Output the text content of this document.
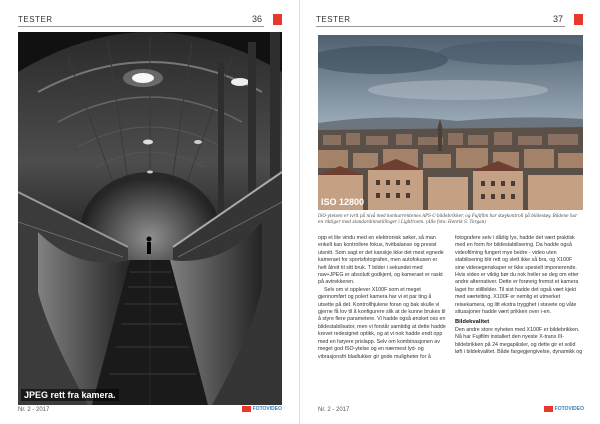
TESTER	36
JPEG rett fra kamera.
Nr. 2 - 2017	FOTOVIDEO
TESTER	37
ISO 12800
ISO-ytelsen er ivrit på nivå med konkurrentenes APS-C-bildebrikker, og Fujifilm har støykontroll på bildestøy. Bildene har en riktiger med standardinnstillinger i Lightroom. (Alle foto: Henrik S. Torgan)

opp et lite vindu med en elektronisk søker, så man enkelt kan kontrollere fokus, hvitbalanse og presist utsnitt. Som sagt er det kanskje ikke det mest egnede kameraet for sportsfotografen, men autofokusen er helt ålreit til sitt bruk. T bilder i sekundet med raw+JPEG er absolutt godkjent, og kameraet er raskt på avtrekkeren.

Selv om vi opplever X100F som et meget gjennomført og polert kamera har vi et par ting å utsette på det. Kontrollhjulene foran og bak skulle vi gjerne få lov til å konfigurere slik at de kunne brukes til å styre flere parametere. Vi hadde også ønsket oss en bildestabilisator, men vi forstår samtidig at dette hadde krevet redesignet optikk, og at vi nok hadde endt opp med en høyere prislapp. Selv om kombinasjonen av meget god ISO-ytelse og en nærmest lyd- og vibrasjonsfri bladlukker gir gode muligheter for å

fotografere selv i dårlig lys, hadde det vært praktisk med en form for bildestabilisering. Da hadde også videofilming fungert mye bedre - video uten stabilisering blir rett og slett ikke så bra, og X100F sine videoegenskaper er ikke spesielt imponerende. Hvis video er viktig bør du nok heller se deg om etter andre alternativer. Dette er forøvrig fremst et kamera laget for stillbilder. Til sist hadde det også vært kjekt med værtetting. X100F er nemlig et utmerket reisekamera, og litt ekstra trygghet i stavete og våte situasjoner hadde vært prikken over i-en.

Bildekvalitet

Den andre store nyheten med X100F er bildebrikken. Nå har Fujifilm installert den nyeste X-trans III-bildebrikken på 24 megapiksler, og dette gir et solid løft i bildekvalitet. Både fargegjengivelse, dynamikk og

Nr. 2 - 2017	FOTOVIDEO
